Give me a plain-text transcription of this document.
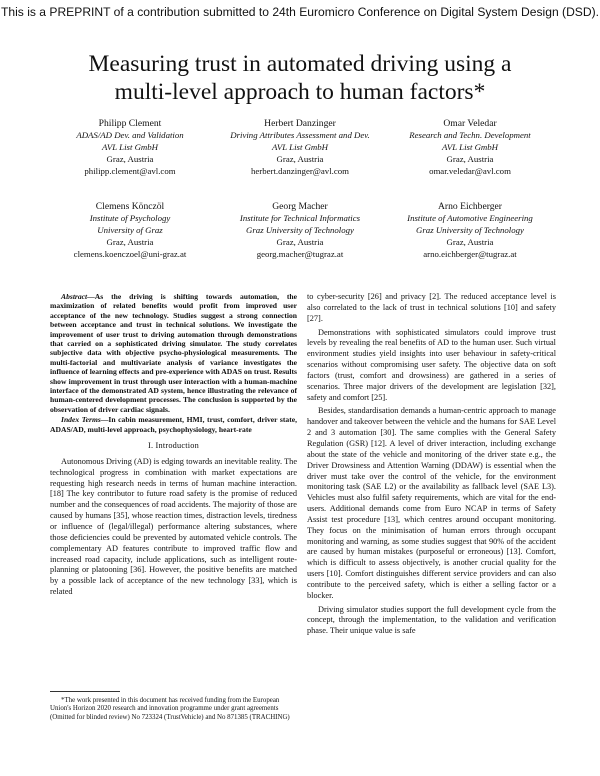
This is a PREPRINT of a contribution submitted to 24th Euromicro Conference on Digital System Design (DSD).
Measuring trust in automated driving using a
multi-level approach to human factors*
Philipp Clement
ADAS/AD Dev. and Validation
AVL List GmbH
Graz, Austria
philipp.clement@avl.com
Herbert Danzinger
Driving Attributes Assessment and Dev.
AVL List GmbH
Graz, Austria
herbert.danzinger@avl.com
Omar Veledar
Research and Techn. Development
AVL List GmbH
Graz, Austria
omar.veledar@avl.com
Clemens Könczöl
Institute of Psychology
University of Graz
Graz, Austria
clemens.koenczoel@uni-graz.at
Georg Macher
Institute for Technical Informatics
Graz University of Technology
Graz, Austria
georg.macher@tugraz.at
Arno Eichberger
Institute of Automotive Engineering
Graz University of Technology
Graz, Austria
arno.eichberger@tugraz.at

Abstract—As the driving is shifting towards automation, the maximization of related benefits would profit from improved user acceptance of the new technology. Studies suggest a strong connection between acceptance and trust in technical solutions. We investigate the improvement of user trust to driving automation through demonstrations that carried on a sophisticated driving simulator. The study correlates subjective data with objective psycho-physiological measurements. The multi-factorial and multivariate analysis of variance investigates the influence of learning effects and pre-experience with ADAS on trust. Results show improvement in trust through user interaction with a human-machine interface of the demonstrated AD system, hence illustrating the relevance of human-centered development processes. The conclusion is supported by the observation of driver cardiac signals.

Index Terms—In cabin measurement, HMI, trust, comfort, driver state, ADAS/AD, multi-level approach, psychophysiology, heart-rate

I. Introduction

Autonomous Driving (AD) is edging towards an inevitable reality. The technological progress in combination with market expectations are requesting high research needs in terms of human machine interaction. [18] The key contributor to future road safety is the promise of reduced number and the consequences of road accidents. The majority of those are caused by humans [35], whose reaction times, distraction levels, tiredness or influence of (legal/illegal) performance altering substances, where those deficiencies could be prevented by automated vehicle controls. The complementary AD features contribute to improved traffic flow and increased road capacity, include applications, such as intelligent route-planning or platooning [36]. However, the positive benefits are matched by a possible lack of acceptance of the new technology [33], which is related

*The work presented in this document has received funding from the European Union's Horizon 2020 research and innovation programme under grant agreements (Omitted for blinded review) No 723324 (TrustVehicle) and No 871385 (TRACHING)

to cyber-security [26] and privacy [2]. The reduced acceptance level is also correlated to the lack of trust in technical solutions [10] and safety [27].

Demonstrations with sophisticated simulators could improve trust levels by revealing the real benefits of AD to the human user. Such virtual environment studies yield insights into user behaviour in safety-critical scenarios without compromising user safety. The objective data on soft factors (trust, comfort and drowsiness) are gathered in a series of scenarios. Three major drivers of the development are legislation [32], safety and comfort [25].

Besides, standardisation demands a human-centric approach to manage handover and takeover between the vehicle and the humans for SAE Level 2 and 3 automation [30]. The same complies with the General Safety Regulation (GSR) [12]. A level of driver interaction, including exchange about the state of the vehicle and monitoring of the driver state e.g., the Driver Drowsiness and Attention Warning (DDAW) is essential when the driver must take over the control of the vehicle, for the environment monitoring task (SAE L2) or the availability as fallback level (SAE L3). Vehicles must also fulfil safety requirements, which are vital for the end-users. Additional demands come from Euro NCAP in terms of Safety Assist test procedure [13], which centres around occupant monitoring. They focus on the minimisation of human errors through occupant monitoring and warning, as some studies suggest that 90% of the accident are caused by human mistakes (purposeful or erroneous) [13]. Comfort, which is difficult to assess objectively, is another crucial quality for the users [10]. Comfort distinguishes different service providers and can also contribute to the perceived safety, which is either a selling factor or a blocker.

Driving simulator studies support the full development cycle from the concept, through the implementation, to the validation and verification phase. Their unique value is safe
